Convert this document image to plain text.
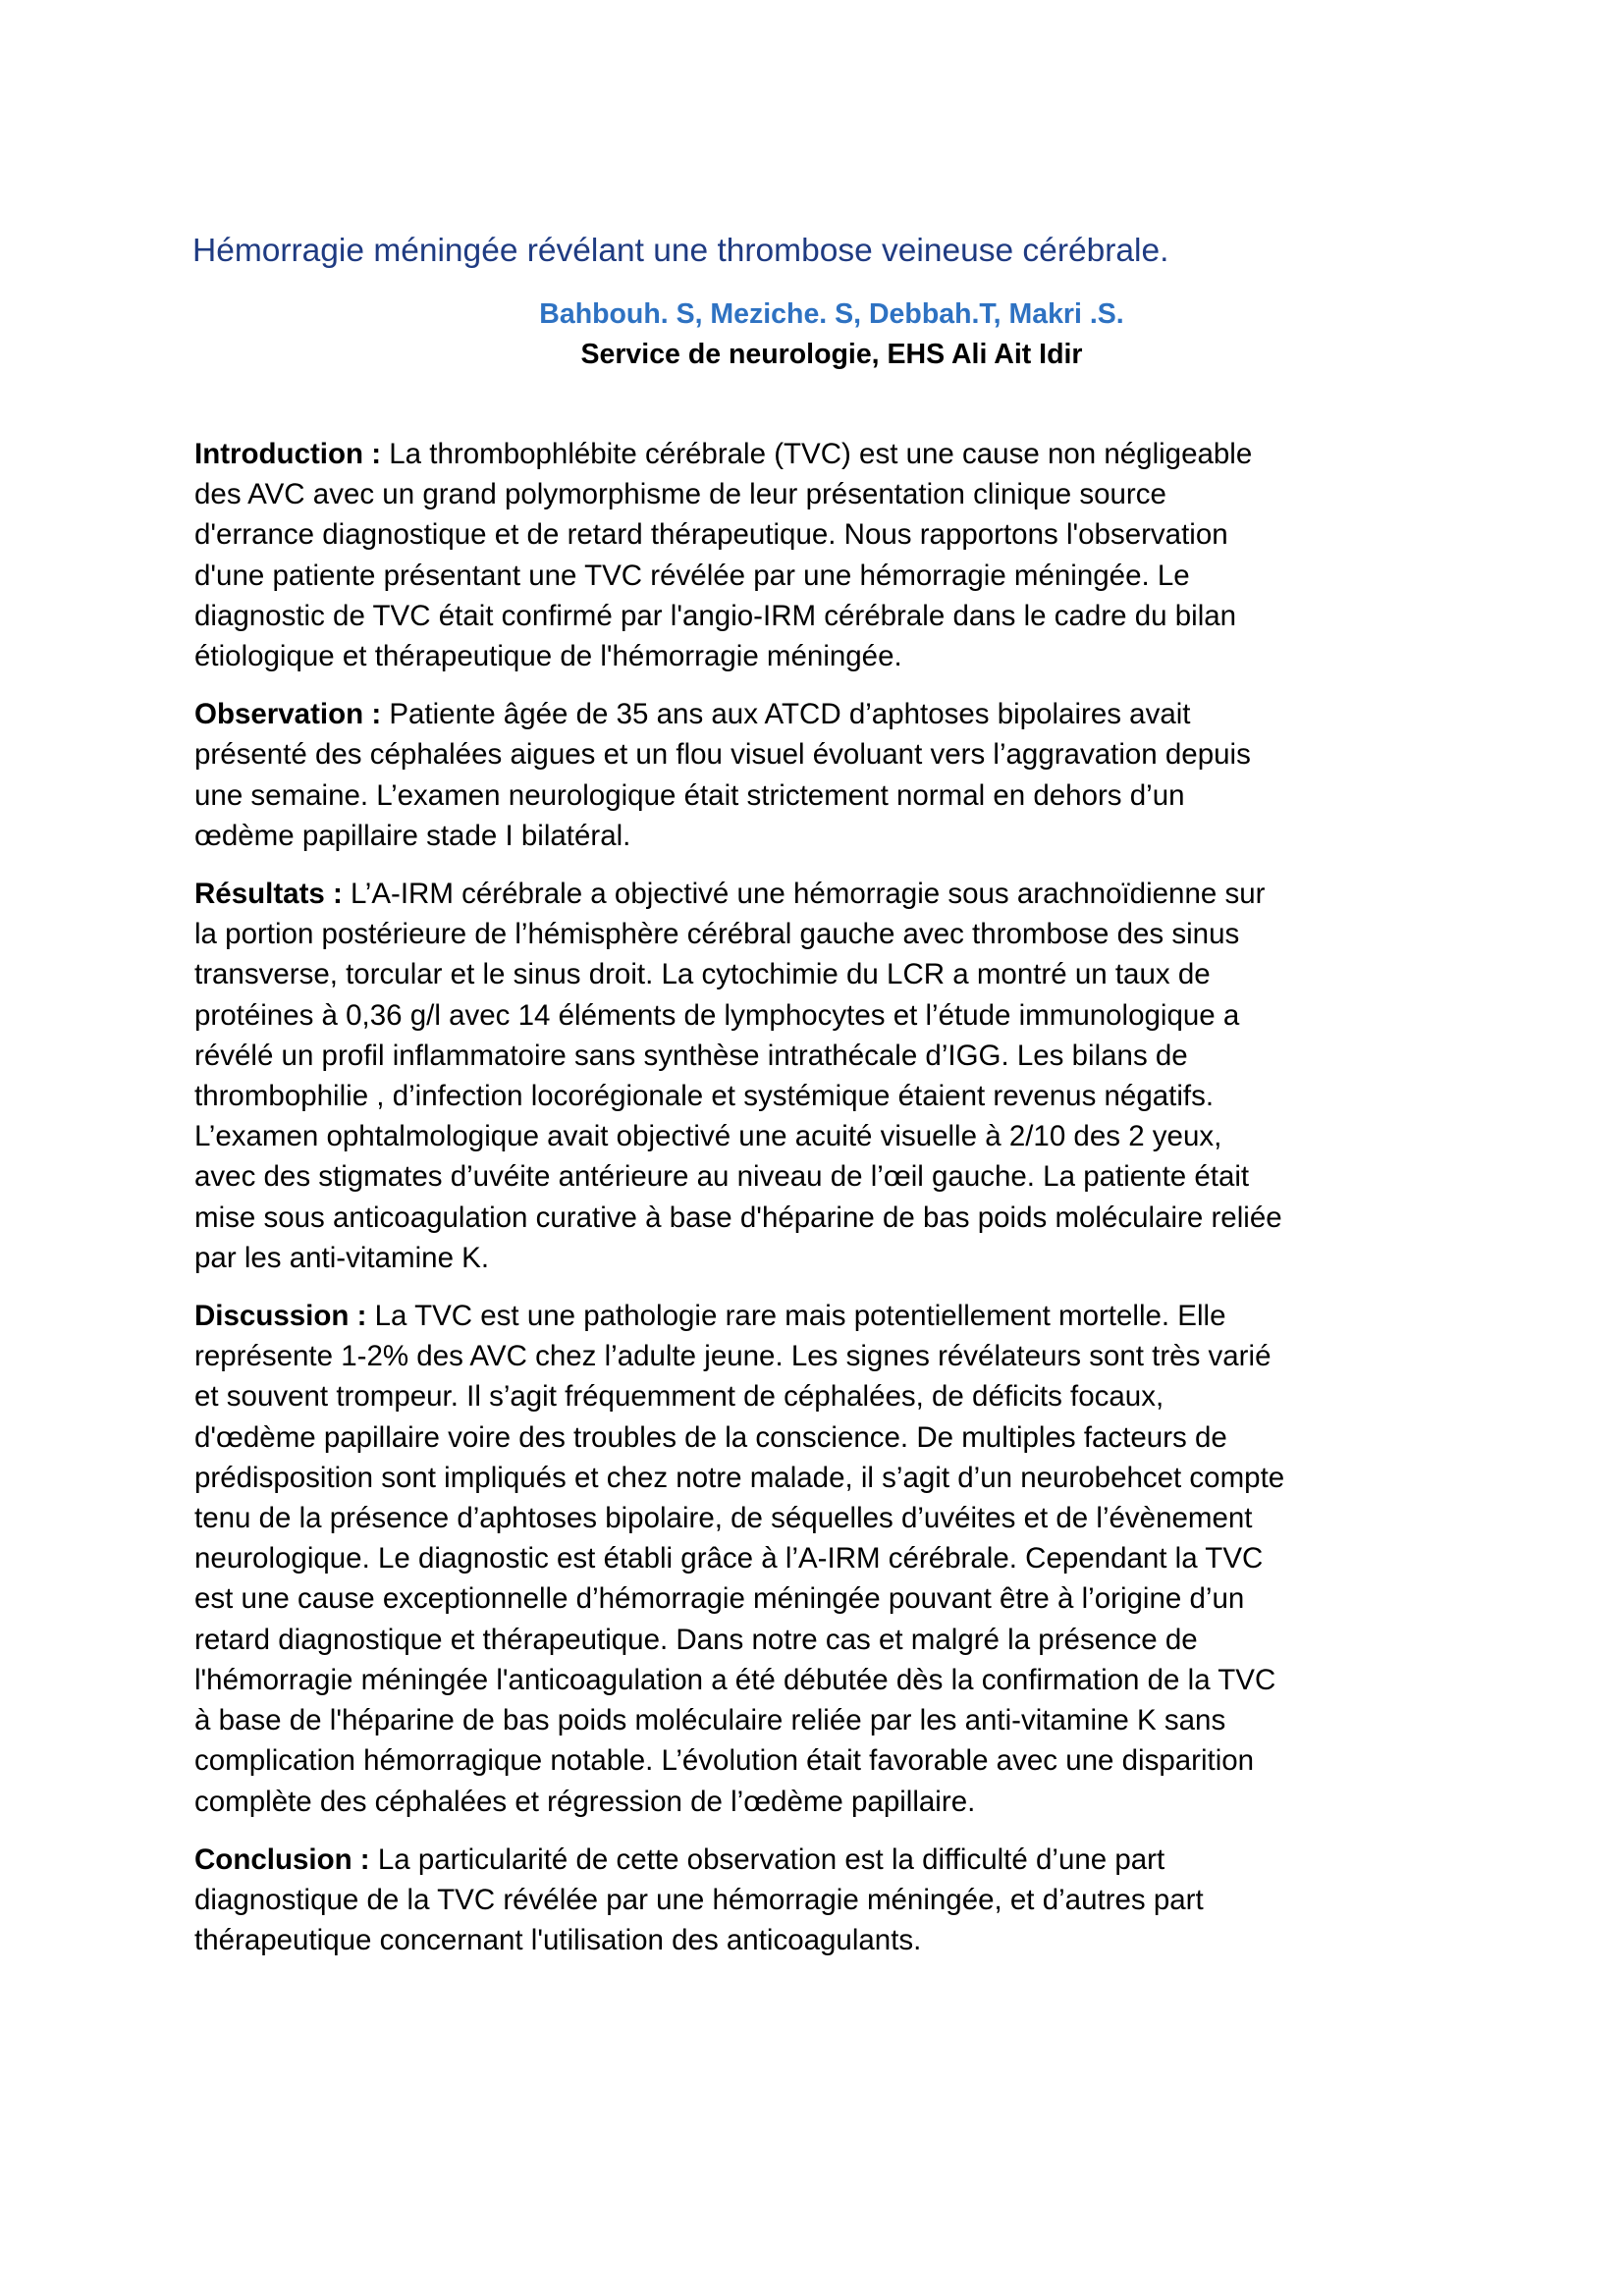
Hémorragie méningée révélant une thrombose veineuse cérébrale.
Bahbouh. S, Meziche. S, Debbah.T, Makri .S.
Service de neurologie, EHS Ali Ait Idir
Introduction : La thrombophlébite cérébrale (TVC) est une cause non négligeable
des AVC avec un grand polymorphisme de leur présentation clinique source
d'errance diagnostique et de retard thérapeutique. Nous rapportons l'observation
d'une patiente présentant une TVC révélée par une hémorragie méningée. Le
diagnostic de TVC était confirmé par l'angio-IRM cérébrale dans le cadre du bilan
étiologique et thérapeutique de l'hémorragie méningée.
Observation : Patiente âgée de 35 ans aux ATCD d’aphtoses bipolaires avait
présenté des céphalées aigues et un flou visuel évoluant vers l’aggravation depuis
une semaine. L’examen neurologique était strictement normal en dehors d’un
œdème papillaire stade I bilatéral.
Résultats : L’A-IRM cérébrale a objectivé une hémorragie sous arachnoïdienne sur
la portion postérieure de l’hémisphère cérébral gauche avec thrombose des sinus
transverse, torcular et le sinus droit. La cytochimie du LCR a montré un taux de
protéines à 0,36 g/l avec 14 éléments de lymphocytes et l’étude immunologique a
révélé un profil inflammatoire sans synthèse intrathécale d’IGG. Les bilans de
thrombophilie , d’infection locorégionale et systémique étaient revenus négatifs.
L’examen ophtalmologique avait objectivé une acuité visuelle à 2/10 des 2 yeux,
avec des stigmates d’uvéite antérieure au niveau de l’œil gauche. La patiente était
mise sous anticoagulation curative à base d'héparine de bas poids moléculaire reliée
par les anti-vitamine K.
Discussion : La TVC est une pathologie rare mais potentiellement mortelle. Elle
représente 1-2% des AVC chez l’adulte jeune. Les signes révélateurs sont très varié
et souvent trompeur. Il s’agit fréquemment de céphalées, de déficits focaux,
d'œdème papillaire voire des troubles de la conscience. De multiples facteurs de
prédisposition sont impliqués et chez notre malade, il s’agit d’un neurobehcet compte
tenu de la présence d’aphtoses bipolaire, de séquelles d’uvéites et de l’évènement
neurologique. Le diagnostic est établi grâce à l’A-IRM cérébrale. Cependant la TVC
est une cause exceptionnelle d’hémorragie méningée pouvant être à l’origine d’un
retard diagnostique et thérapeutique. Dans notre cas et malgré la présence de
l'hémorragie méningée l'anticoagulation a été débutée dès la confirmation de la TVC
à base de l'héparine de bas poids moléculaire reliée par les anti-vitamine K sans
complication hémorragique notable. L’évolution était favorable avec une disparition
complète des céphalées et régression de l’œdème papillaire.
Conclusion : La particularité de cette observation est la difficulté d’une part
diagnostique de la TVC révélée par une hémorragie méningée, et d’autres part
thérapeutique concernant l'utilisation des anticoagulants.
